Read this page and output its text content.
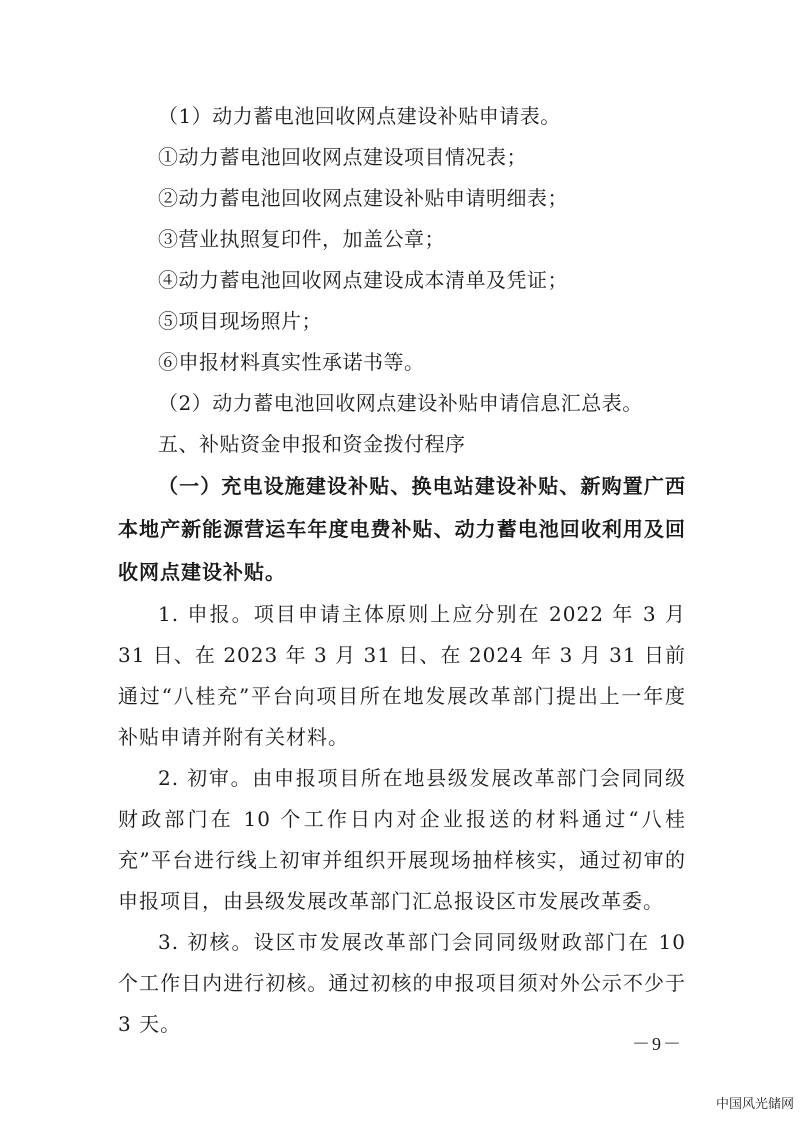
（1）动力蓄电池回收网点建设补贴申请表。
①动力蓄电池回收网点建设项目情况表；
②动力蓄电池回收网点建设补贴申请明细表；
③营业执照复印件，加盖公章；
④动力蓄电池回收网点建设成本清单及凭证；
⑤项目现场照片；
⑥申报材料真实性承诺书等。
（2）动力蓄电池回收网点建设补贴申请信息汇总表。
五、补贴资金申报和资金拨付程序
（一）充电设施建设补贴、换电站建设补贴、新购置广西本地产新能源营运车年度电费补贴、动力蓄电池回收利用及回收网点建设补贴。
1. 申报。项目申请主体原则上应分别在 2022 年 3 月 31 日、在 2023 年 3 月 31 日、在 2024 年 3 月 31 日前通过“八桂充”平台向项目所在地发展改革部门提出上一年度补贴申请并附有关材料。
2. 初审。由申报项目所在地县级发展改革部门会同同级财政部门在 10 个工作日内对企业报送的材料通过“八桂充”平台进行线上初审并组织开展现场抽样核实，通过初审的申报项目，由县级发展改革部门汇总报设区市发展改革委。
3. 初核。设区市发展改革部门会同同级财政部门在 10 个工作日内进行初核。通过初核的申报项目须对外公示不少于 3 天。
－9－
中国风光储网
